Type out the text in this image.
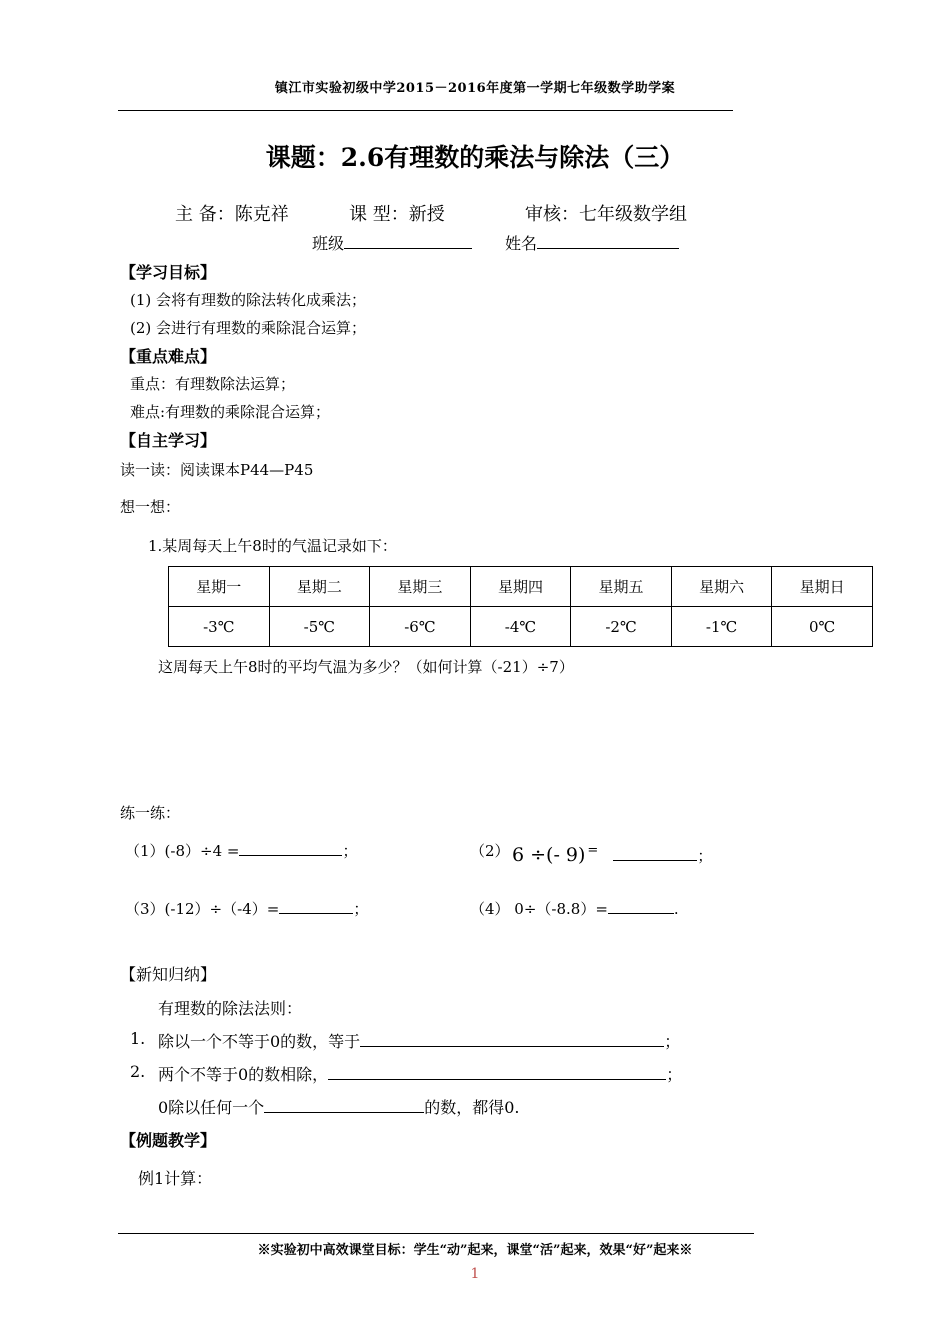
镇江市实验初级中学2015－2016年度第一学期七年级数学助学案
课题：2.6有理数的乘法与除法（三）
主 备：陈克祥	课 型：新授	审核：七年级数学组
班级	姓名
【学习目标】
(1) 会将有理数的除法转化成乘法；
(2) 会进行有理数的乘除混合运算；
【重点难点】
重点：有理数除法运算；
难点:有理数的乘除混合运算；
【自主学习】
读一读：阅读课本P44—P45
想一想：
1.某周每天上午8时的气温记录如下：
星期一	星期二	星期三	星期四	星期五	星期六	星期日
-3℃	-5℃	-6℃	-4℃	-2℃	-1℃	0℃
这周每天上午8时的平均气温为多少？（如何计算（-21）÷7）
练一练：
（1）(-8）÷4 =	；	（2） 6 ÷(- 9) =	；
（3）(-12）÷（-4）=	；	（4） 0÷（-8.8）=	.
【新知归纳】
有理数的除法法则：
1. 除以一个不等于0的数，等于	；
2. 两个不等于0的数相除，	；
0除以任何一个	的数，都得0.
【例题教学】
例1计算：
※实验初中高效课堂目标：学生“动”起来，课堂“活”起来，效果“好”起来※
1
